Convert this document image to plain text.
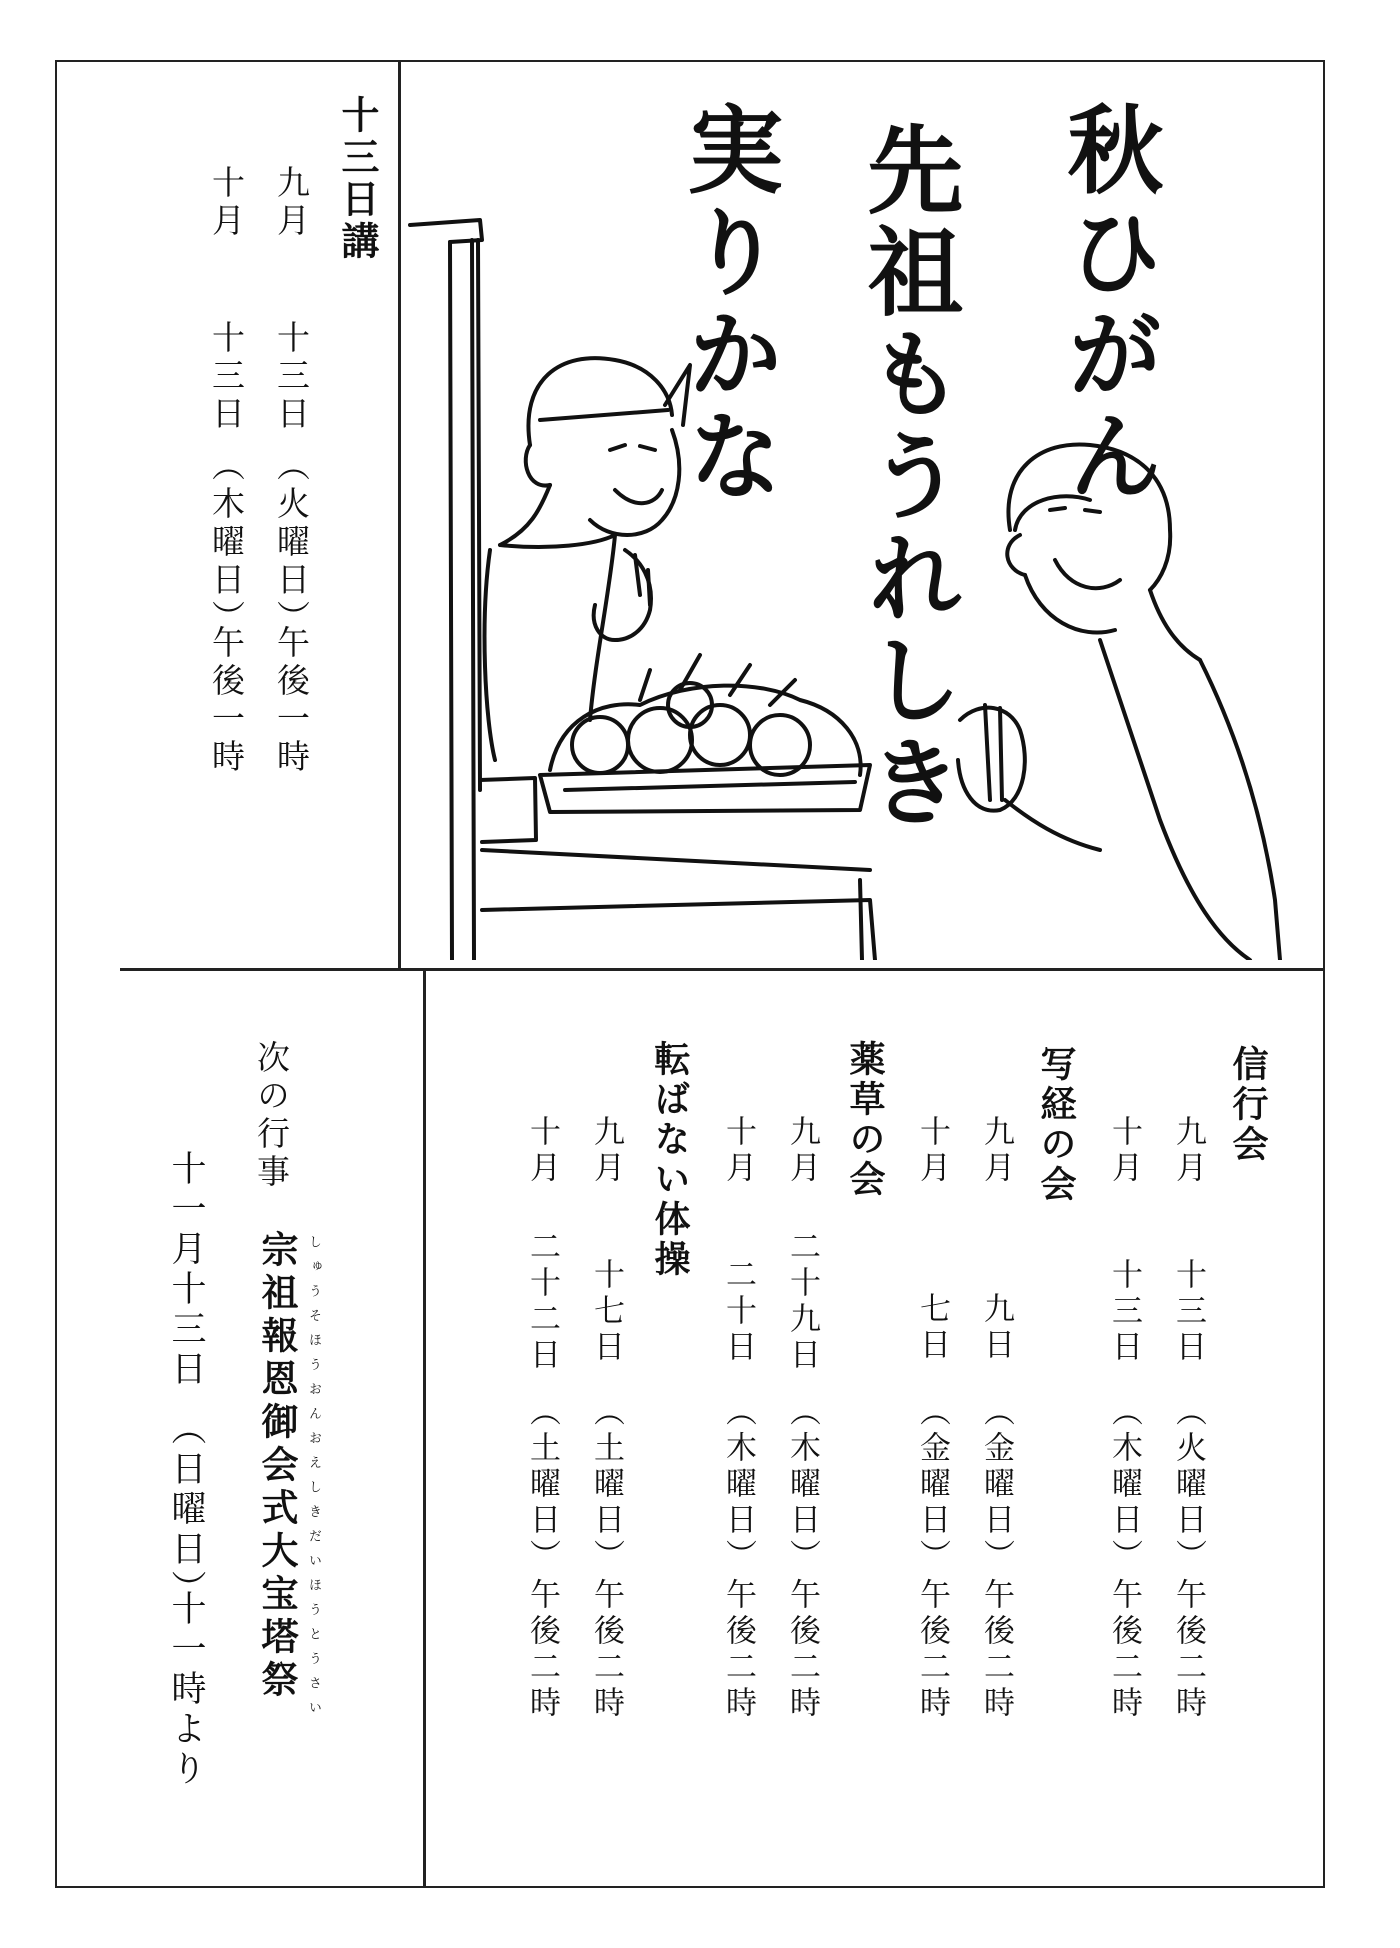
秋ひがん
先祖もうれしき
実りかな
十三日講
九月
十三日
（火曜日）
午後一時
十月
十三日
（木曜日）
午後一時
信行会
九月
十三日
（火曜日）
午後二時
十月
十三日
（木曜日）
午後二時
写経の会
九月
九日
（金曜日）
午後二時
十月
七日
（金曜日）
午後二時
薬草の会
九月
二十九日
（木曜日）
午後二時
十月
二十日
（木曜日）
午後二時
転ばない体操
九月
十七日
（土曜日）
午後二時
十月
二十二日
（土曜日）
午後二時
次の行事
しゅうそほうおんおえしきだいほうとうさい
宗祖報恩御会式大宝塔祭
十一月十三日
（日曜日）
十一時より
